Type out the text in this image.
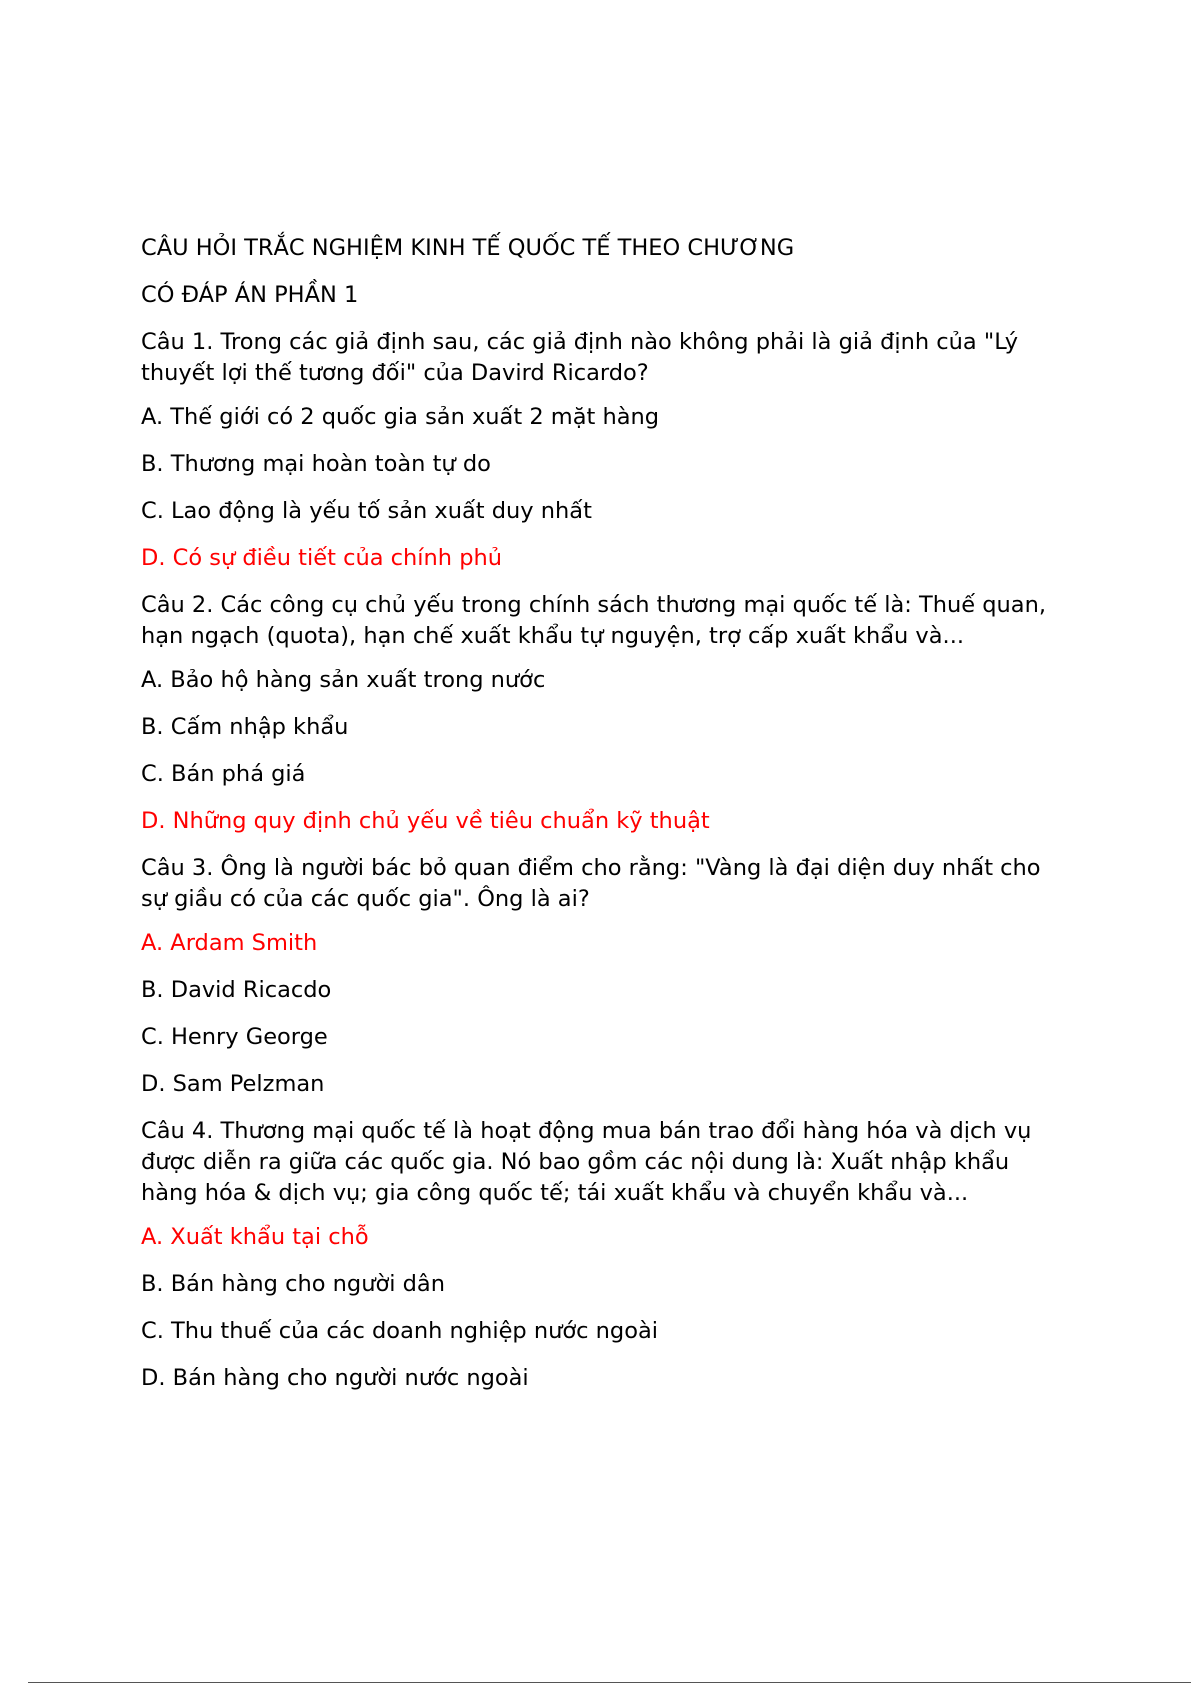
CÂU HỎI TRẮC NGHIỆM KINH TẾ QUỐC TẾ THEO CHƯƠNG
CÓ ĐÁP ÁN PHẦN 1
Câu 1. Trong các giả định sau, các giả định nào không phải là giả định của "Lý thuyết lợi thế tương đối" của Davird Ricardo?
A. Thế giới có 2 quốc gia sản xuất 2 mặt hàng
B. Thương mại hoàn toàn tự do
C. Lao động là yếu tố sản xuất duy nhất
D. Có sự điều tiết của chính phủ
Câu 2. Các công cụ chủ yếu trong chính sách thương mại quốc tế là: Thuế quan, hạn ngạch (quota), hạn chế xuất khẩu tự nguyện, trợ cấp xuất khẩu và...
A. Bảo hộ hàng sản xuất trong nước
B. Cấm nhập khẩu
C. Bán phá giá
D. Những quy định chủ yếu về tiêu chuẩn kỹ thuật
Câu 3. Ông là người bác bỏ quan điểm cho rằng: "Vàng là đại diện duy nhất cho sự giầu có của các quốc gia". Ông là ai?
A. Ardam Smith
B. David Ricacdo
C. Henry George
D. Sam Pelzman
Câu 4. Thương mại quốc tế là hoạt động mua bán trao đổi hàng hóa và dịch vụ được diễn ra giữa các quốc gia. Nó bao gồm các nội dung là: Xuất nhập khẩu hàng hóa & dịch vụ; gia công quốc tế; tái xuất khẩu và chuyển khẩu và...
A. Xuất khẩu tại chỗ
B. Bán hàng cho người dân
C. Thu thuế của các doanh nghiệp nước ngoài
D. Bán hàng cho người nước ngoài
